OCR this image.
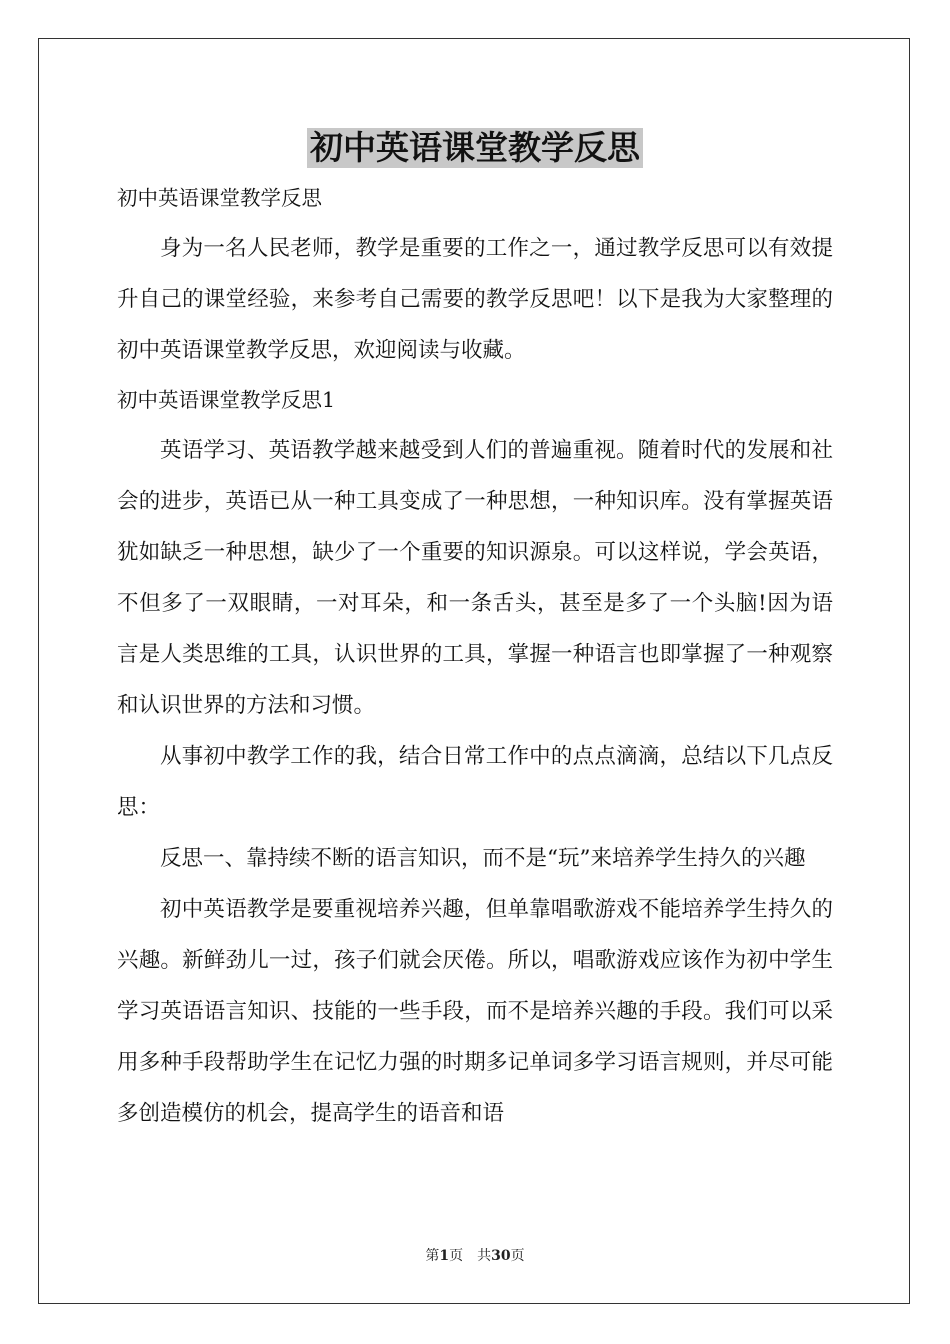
初中英语课堂教学反思

初中英语课堂教学反思

身为一名人民老师，教学是重要的工作之一，通过教学反思可以有效提升自己的课堂经验，来参考自己需要的教学反思吧！以下是我为大家整理的初中英语课堂教学反思，欢迎阅读与收藏。

初中英语课堂教学反思1

英语学习、英语教学越来越受到人们的普遍重视。随着时代的发展和社会的进步，英语已从一种工具变成了一种思想，一种知识库。没有掌握英语犹如缺乏一种思想，缺少了一个重要的知识源泉。可以这样说，学会英语，不但多了一双眼睛，一对耳朵，和一条舌头，甚至是多了一个头脑!因为语言是人类思维的工具，认识世界的工具，掌握一种语言也即掌握了一种观察和认识世界的方法和习惯。

从事初中教学工作的我，结合日常工作中的点点滴滴，总结以下几点反思：

反思一、靠持续不断的语言知识，而不是“玩”来培养学生持久的兴趣

初中英语教学是要重视培养兴趣，但单靠唱歌游戏不能培养学生持久的兴趣。新鲜劲儿一过，孩子们就会厌倦。所以，唱歌游戏应该作为初中学生学习英语语言知识、技能的一些手段，而不是培养兴趣的手段。我们可以采用多种手段帮助学生在记忆力强的时期多记单词多学习语言规则，并尽可能多创造模仿的机会，提高学生的语音和语

第1页　共30页
